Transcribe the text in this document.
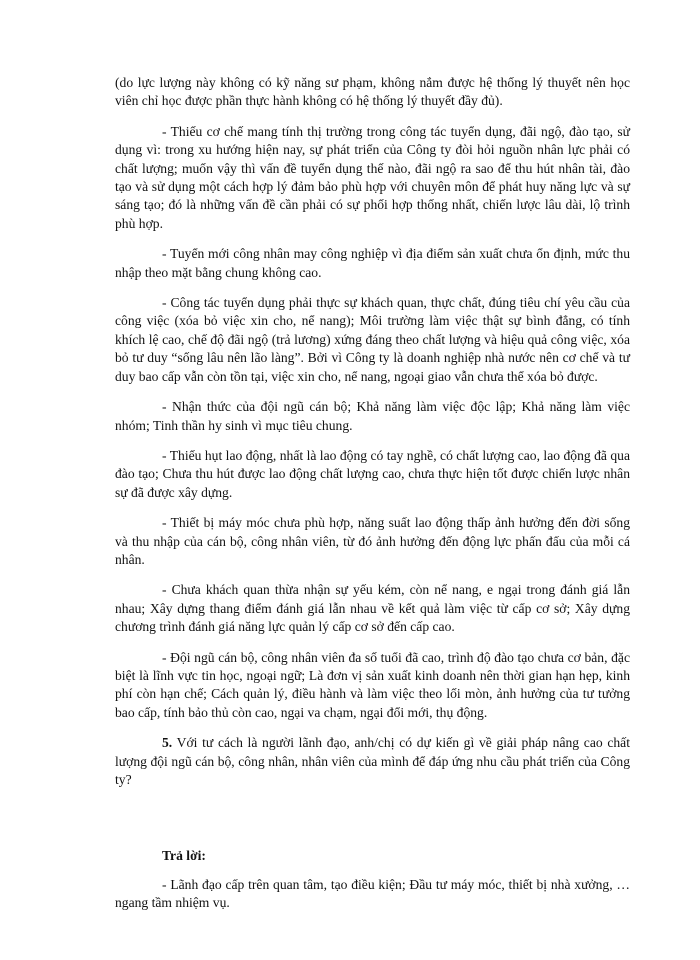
(do lực lượng này không có kỹ năng sư phạm, không nắm được hệ thống lý thuyết nên học viên chỉ học được phần thực hành không có hệ thống lý thuyết đầy đủ).

- Thiếu cơ chế mang tính thị trường trong công tác tuyển dụng, đãi ngộ, đào tạo, sử dụng vì: trong xu hướng hiện nay, sự phát triển của Công ty đòi hỏi nguồn nhân lực phải có chất lượng; muốn vậy thì vấn đề tuyển dụng thế nào, đãi ngộ ra sao để thu hút nhân tài, đào tạo và sử dụng một cách hợp lý đảm bảo phù hợp với chuyên môn để phát huy năng lực và sự sáng tạo; đó là những vấn đề cần phải có sự phối hợp thống nhất, chiến lược lâu dài, lộ trình phù hợp.

- Tuyển mới công nhân may công nghiệp vì địa điểm sản xuất chưa ổn định, mức thu nhập theo mặt bằng chung không cao.

- Công tác tuyển dụng phải thực sự khách quan, thực chất, đúng tiêu chí yêu cầu của công việc (xóa bỏ việc xin cho, nể nang); Môi trường làm việc thật sự bình đẳng, có tính khích lệ cao, chế độ đãi ngộ (trả lương) xứng đáng theo chất lượng và hiệu quả công việc, xóa bỏ tư duy “sống lâu nên lão làng”. Bởi vì Công ty là doanh nghiệp nhà nước nên cơ chế và tư duy bao cấp vẫn còn tồn tại, việc xin cho, nể nang, ngoại giao vẫn chưa thể xóa bỏ được.

- Nhận thức của đội ngũ cán bộ; Khả năng làm việc độc lập; Khả năng làm việc nhóm; Tinh thần hy sinh vì mục tiêu chung.

- Thiếu hụt lao động, nhất là lao động có tay nghề, có chất lượng cao, lao động đã qua đào tạo; Chưa thu hút được lao động chất lượng cao, chưa thực hiện tốt được chiến lược nhân sự đã được xây dựng.

- Thiết bị máy móc chưa phù hợp, năng suất lao động thấp ảnh hưởng đến đời sống và thu nhập của cán bộ, công nhân viên, từ đó ảnh hưởng đến động lực phấn đấu của mỗi cá nhân.

- Chưa khách quan thừa nhận sự yếu kém, còn nể nang, e ngại trong đánh giá lẫn nhau; Xây dựng thang điểm đánh giá lẫn nhau về kết quả làm việc từ cấp cơ sở; Xây dựng chương trình đánh giá năng lực quản lý cấp cơ sở đến cấp cao.

- Đội ngũ cán bộ, công nhân viên đa số tuổi đã cao, trình độ đào tạo chưa cơ bản, đặc biệt là lĩnh vực tin học, ngoại ngữ; Là đơn vị sản xuất kinh doanh nên thời gian hạn hẹp, kinh phí còn hạn chế; Cách quản lý, điều hành và làm việc theo lối mòn, ảnh hưởng của tư tưởng bao cấp, tính bảo thủ còn cao, ngại va chạm, ngại đổi mới, thụ động.

5. Với tư cách là người lãnh đạo, anh/chị có dự kiến gì về giải pháp nâng cao chất lượng đội ngũ cán bộ, công nhân, nhân viên của mình để đáp ứng nhu cầu phát triển của Công ty?

Trả lời:

- Lãnh đạo cấp trên quan tâm, tạo điều kiện; Đầu tư máy móc, thiết bị nhà xưởng, … ngang tầm nhiệm vụ.
